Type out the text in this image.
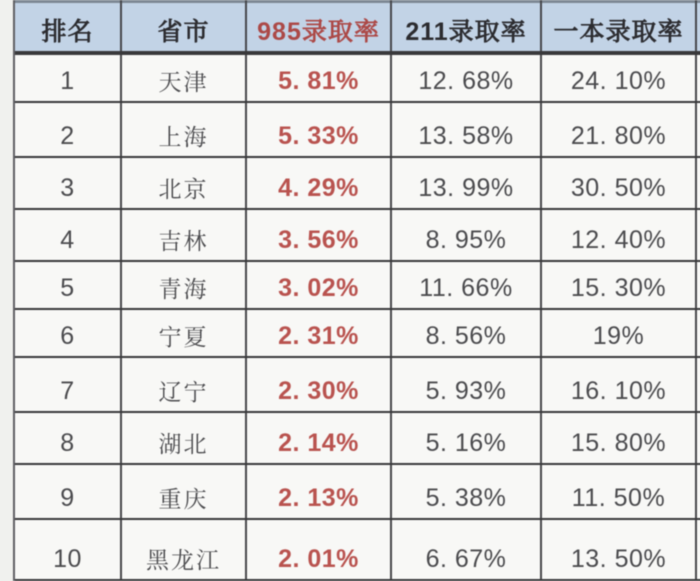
排名	省市	985录取率	211录取率	一本录取率
1	天津	5. 81%	12. 68%	24. 10%
2	上海	5. 33%	13. 58%	21. 80%
3	北京	4. 29%	13. 99%	30. 50%
4	吉林	3. 56%	8. 95%	12. 40%
5	青海	3. 02%	11. 66%	15. 30%
6	宁夏	2. 31%	8. 56%	19%
7	辽宁	2. 30%	5. 93%	16. 10%
8	湖北	2. 14%	5. 16%	15. 80%
9	重庆	2. 13%	5. 38%	11. 50%
10	黑龙江	2. 01%	6. 67%	13. 50%
